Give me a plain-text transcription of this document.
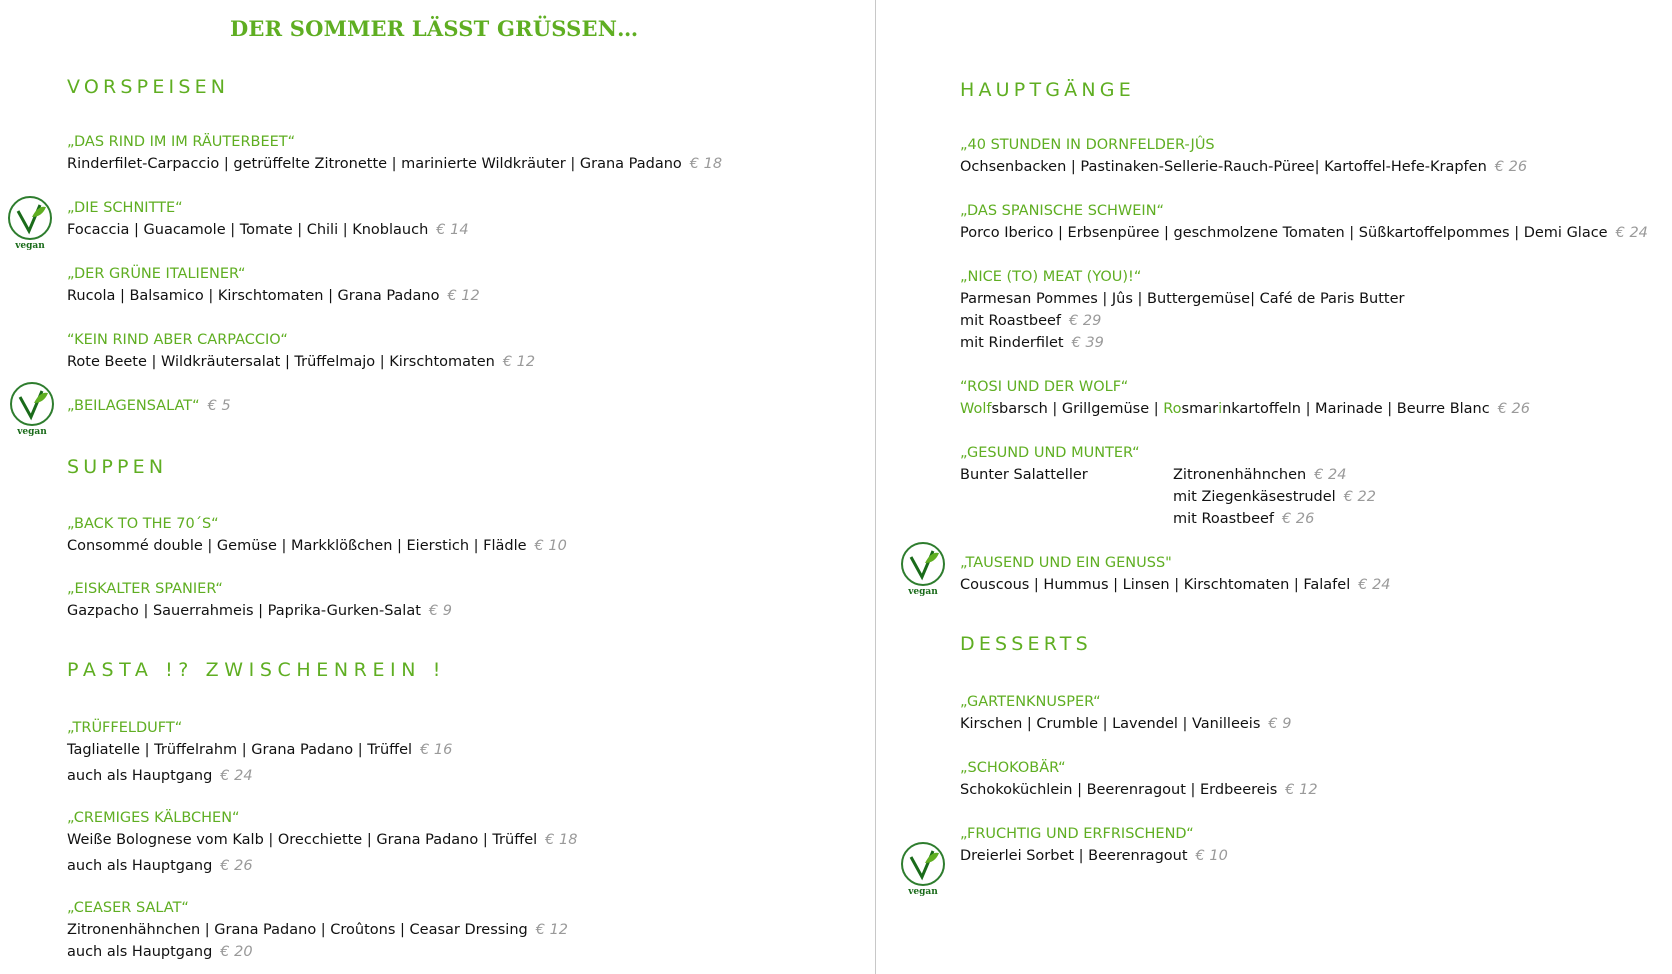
DER SOMMER LÄSST GRÜSSEN…
VORSPEISEN
„DAS RIND IM IM RÄUTERBEET“
Rinderfilet-Carpaccio | getrüffelte Zitronette | marinierte Wildkräuter | Grana Padano € 18
vegan
„DIE SCHNITTE“
Focaccia | Guacamole | Tomate | Chili | Knoblauch € 14
„DER GRÜNE ITALIENER“
Rucola | Balsamico | Kirschtomaten | Grana Padano € 12
“KEIN RIND ABER CARPACCIO“
Rote Beete | Wildkräutersalat | Trüffelmajo | Kirschtomaten € 12
vegan
„BEILAGENSALAT“ € 5
SUPPEN
„BACK TO THE 70´S“
Consommé double | Gemüse | Markklößchen | Eierstich | Flädle € 10
„EISKALTER SPANIER“
Gazpacho | Sauerrahmeis | Paprika-Gurken-Salat € 9
PASTA !? ZWISCHENREIN !
„TRÜFFELDUFT“
Tagliatelle | Trüffelrahm | Grana Padano | Trüffel € 16
auch als Hauptgang € 24
„CREMIGES KÄLBCHEN“
Weiße Bolognese vom Kalb | Orecchiette | Grana Padano | Trüffel € 18
auch als Hauptgang € 26
„CEASER SALAT“
Zitronenhähnchen | Grana Padano | Croûtons | Ceasar Dressing € 12
auch als Hauptgang € 20
HAUPTGÄNGE
„40 STUNDEN IN DORNFELDER-JÛS
Ochsenbacken | Pastinaken-Sellerie-Rauch-Püree| Kartoffel-Hefe-Krapfen € 26
„DAS SPANISCHE SCHWEIN“
Porco Iberico | Erbsenpüree | geschmolzene Tomaten | Süßkartoffelpommes | Demi Glace € 24
„NICE (TO) MEAT (YOU)!“
Parmesan Pommes | Jûs | Buttergemüse| Café de Paris Butter
mit Roastbeef € 29
mit Rinderfilet € 39
“ROSI UND DER WOLF“
Wolfsbarsch | Grillgemüse | Rosmarinkartoffeln | Marinade | Beurre Blanc € 26
„GESUND UND MUNTER“
Bunter Salatteller	Zitronenhähnchen € 24
mit Ziegenkäsestrudel € 22
mit Roastbeef € 26
vegan
„TAUSEND UND EIN GENUSS"
Couscous | Hummus | Linsen | Kirschtomaten | Falafel € 24
DESSERTS
„GARTENKNUSPER“
Kirschen | Crumble | Lavendel | Vanilleeis € 9
„SCHOKOBÄR“
Schokoküchlein | Beerenragout | Erdbeereis € 12
vegan
„FRUCHTIG UND ERFRISCHEND“
Dreierlei Sorbet | Beerenragout € 10
